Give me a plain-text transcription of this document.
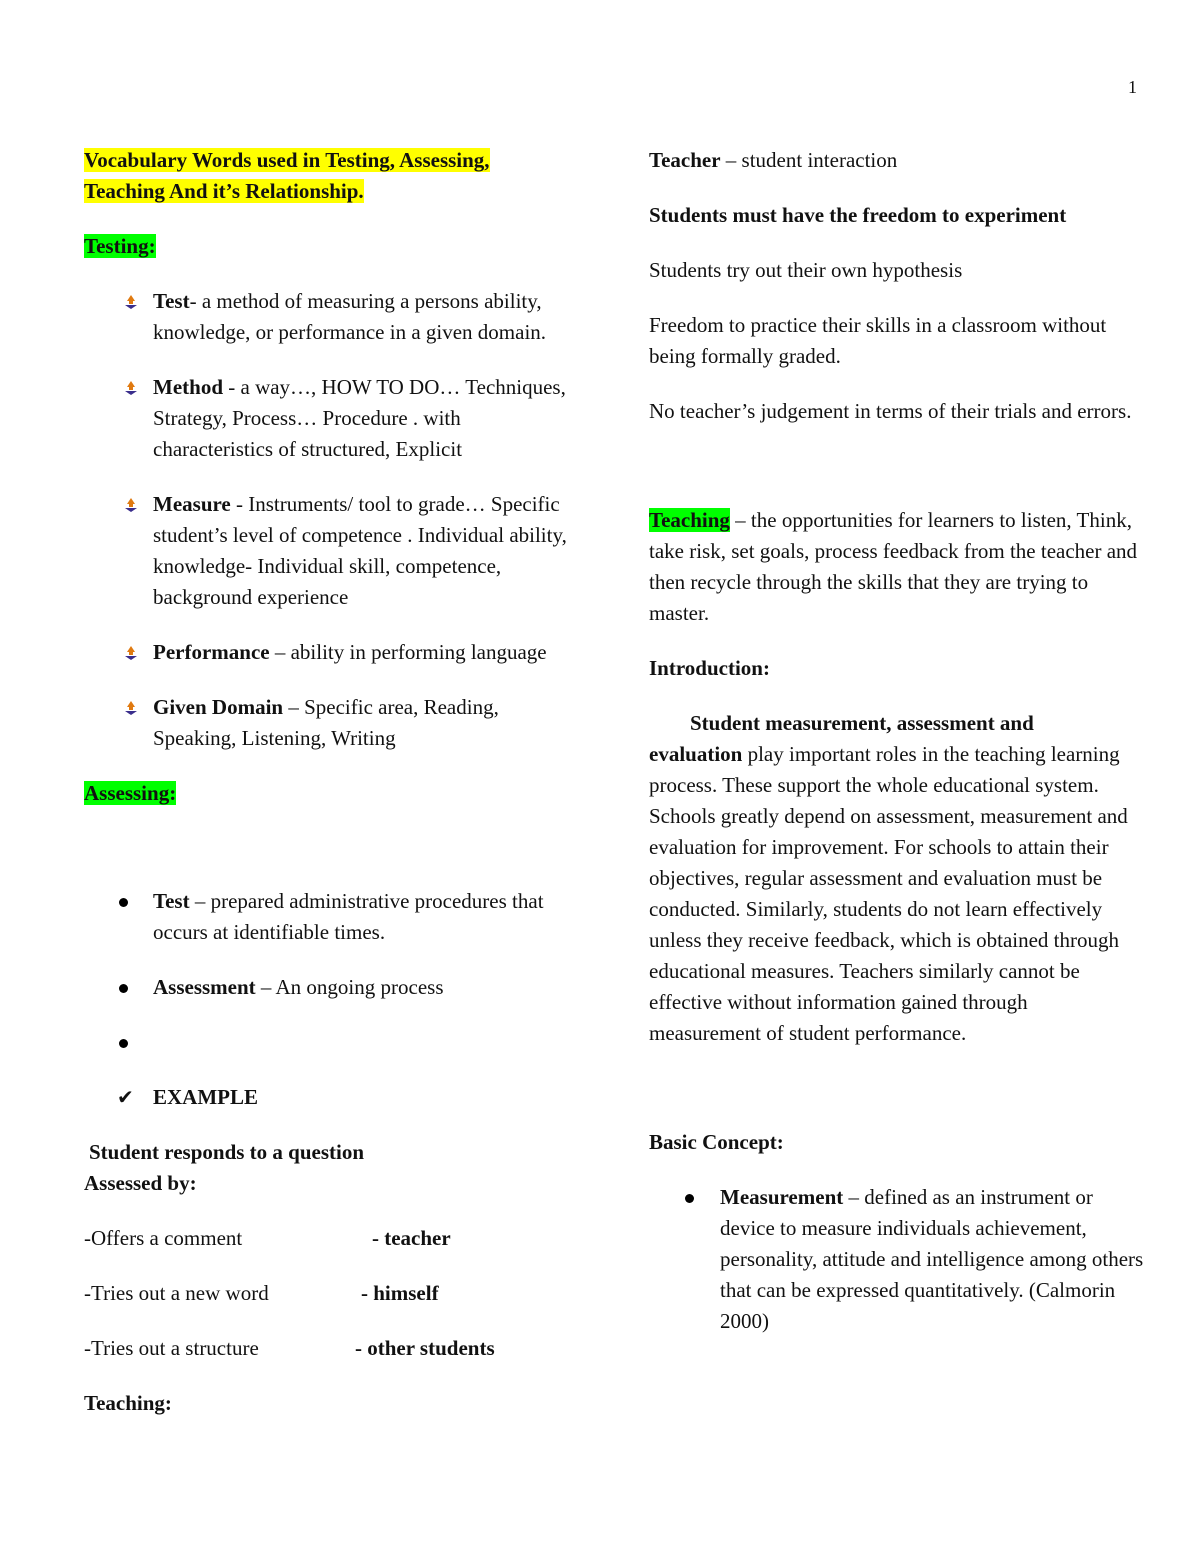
1

Vocabulary Words used in Testing, Assessing,
Teaching And it’s Relationship.

Testing:

Test- a method of measuring a persons ability, knowledge, or performance in a given domain.
Method - a way…, HOW TO DO… Techniques, Strategy, Process… Procedure . with characteristics of structured, Explicit
Measure - Instruments/ tool to grade… Specific student’s level of competence . Individual ability, knowledge- Individual skill, competence, background experience
Performance – ability in performing language
Given Domain – Specific area, Reading, Speaking, Listening, Writing

Assessing:

Test – prepared administrative procedures that occurs at identifiable times.
Assessment – An ongoing process
✔ EXAMPLE

Student responds to a question

Assessed by:

-Offers a comment	- teacher
-Tries out a new word	- himself
-Tries out a structure	- other students

Teaching:

Teacher – student interaction

Students must have the freedom to experiment

Students try out their own hypothesis

Freedom to practice their skills in a classroom without being formally graded.

No teacher’s judgement in terms of their trials and errors.

Teaching – the opportunities for learners to listen, Think, take risk, set goals, process feedback from the teacher and then recycle through the skills that they are trying to master.

Introduction:

Student measurement, assessment and
evaluation play important roles in the teaching learning process. These support the whole educational system. Schools greatly depend on assessment, measurement and evaluation for improvement. For schools to attain their objectives, regular assessment and evaluation must be conducted. Similarly, students do not learn effectively unless they receive feedback, which is obtained through educational measures. Teachers similarly cannot be effective without information gained through measurement of student performance.

Basic Concept:

Measurement – defined as an instrument or device to measure individuals achievement, personality, attitude and intelligence among others that can be expressed quantitatively. (Calmorin 2000)
